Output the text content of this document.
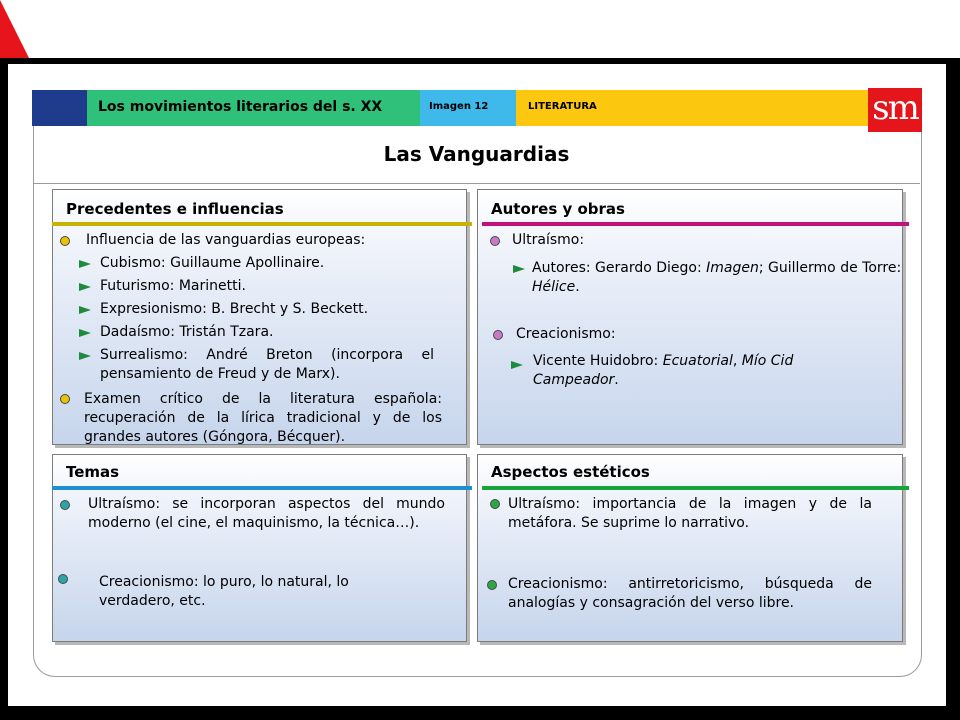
Los movimientos literarios del s. XX	Imagen 12	LITERATURA	sm
Las Vanguardias
Precedentes e influencias
Influencia de las vanguardias europeas:
Cubismo: Guillaume Apollinaire.
Futurismo: Marinetti.
Expresionismo: B. Brecht y S. Beckett.
Dadaísmo: Tristán Tzara.
Surrealismo: André Breton (incorpora el pensamiento de Freud y de Marx).
Examen crítico de la literatura española: recuperación de la lírica tradicional y de los grandes autores (Góngora, Bécquer).
Autores y obras
Ultraísmo:
Autores: Gerardo Diego: Imagen; Guillermo de Torre: Hélice.
Creacionismo:
Vicente Huidobro: Ecuatorial, Mío Cid Campeador.
Temas
Ultraísmo: se incorporan aspectos del mundo moderno (el cine, el maquinismo, la técnica…).
Creacionismo: lo puro, lo natural, lo verdadero, etc.
Aspectos estéticos
Ultraísmo: importancia de la imagen y de la metáfora. Se suprime lo narrativo.
Creacionismo: antirretoricismo, búsqueda de analogías y consagración del verso libre.
